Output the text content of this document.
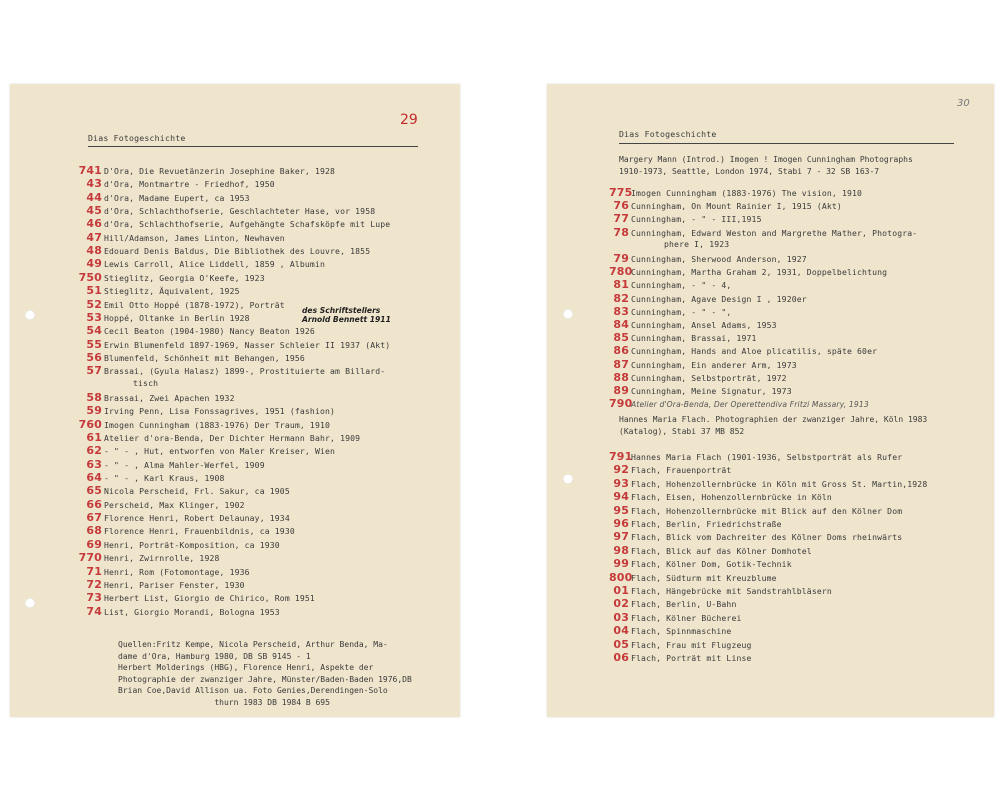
29
Dias Fotogeschichte
741 D'Ora, Die Revuetänzerin Josephine Baker, 1928
43 d'Ora, Montmartre - Friedhof, 1950
44 d'Ora, Madame Eupert, ca 1953
45 d'Ora, Schlachthofserie, Geschlachteter Hase, vor 1958
46 d'Ora, Schlachthofserie, Aufgehängte Schafsköpfe mit Lupe
47 Hill/Adamson, James Linton, Newhaven
48 Edouard Denis Baldus, Die Bibliothek des Louvre, 1855
49 Lewis Carroll, Alice Liddell, 1859 , Albumin
750 Stieglitz, Georgia O'Keefe, 1923
51 Stieglitz, Äquivalent, 1925
52 Emil Otto Hoppé (1878-1972), Porträt
53 Hoppé, Oltanke in Berlin 1928
54 Cecil Beaton (1904-1980) Nancy Beaton 1926
55 Erwin Blumenfeld 1897-1969, Nasser Schleier II 1937 (Akt)
56 Blumenfeld, Schönheit mit Behangen, 1956
57 Brassai, (Gyula Halasz) 1899-, Prostituierte am Billard-
tisch
58 Brassai, Zwei Apachen 1932
59 Irving Penn, Lisa Fonssagrives, 1951 (fashion)
760 Imogen Cunningham (1883-1976) Der Traum, 1910
61 Atelier d'ora-Benda, Der Dichter Hermann Bahr, 1909
62 - " - , Hut, entworfen von Maler Kreiser, Wien
63 - " - , Alma Mahler-Werfel, 1909
64 - " - , Karl Kraus, 1908
65 Nicola Perscheid, Frl. Sakur, ca 1905
66 Perscheid, Max Klinger, 1902
67 Florence Henri, Robert Delaunay, 1934
68 Florence Henri, Frauenbildnis, ca 1930
69 Henri, Porträt-Komposition, ca 1930
770 Henri, Zwirnrolle, 1928
71 Henri, Rom (Fotomontage, 1936
72 Henri, Pariser Fenster, 1930
73 Herbert List, Giorgio de Chirico, Rom 1951
74 List, Giorgio Morandi, Bologna 1953
des Schriftstellers
Arnold Bennett 1911
Quellen:Fritz Kempe, Nicola Perscheid, Arthur Benda, Ma-
dame d'Ora, Hamburg 1980, DB SB 9145 - 1
Herbert Molderings (HBG), Florence Henri, Aspekte der
Photographie der zwanziger Jahre, Münster/Baden-Baden 1976,DB
Brian Coe,David Allison ua. Foto Genies,Derendingen-Solo
thurn 1983 DB 1984 B 695
30
Dias Fotogeschichte
Margery Mann (Introd.) Imogen ! Imogen Cunningham Photographs
1910-1973, Seattle, London 1974, Stabi 7 - 32 SB 163-7
775Imogen Cunningham (1883-1976) The vision, 1910
76 Cunningham, On Mount Rainier I, 1915 (Akt)
77 Cunningham, - " - III,1915
78 Cunningham, Edward Weston and Margrethe Mather, Photogra-
phere I, 1923
79 Cunningham, Sherwood Anderson, 1927
780Cunningham, Martha Graham 2, 1931, Doppelbelichtung
81 Cunningham, - " - 4,
82 Cunningham, Agave Design I , 1920er
83 Cunningham, - " - ",
84 Cunningham, Ansel Adams, 1953
85 Cunningham, Brassai, 1971
86 Cunningham, Hands and Aloe plicatilis, späte 60er
87 Cunningham, Ein anderer Arm, 1973
88 Cunningham, Selbstporträt, 1972
89 Cunningham, Meine Signatur, 1973
790Atelier d'Ora-Benda, Der Operettendiva Fritzi Massary, 1913
Hannes Maria Flach. Photographien der zwanziger Jahre, Köln 1983
(Katalog), Stabi 37 MB 852
791Hannes Maria Flach (1901-1936, Selbstporträt als Rufer
92 Flach, Frauenporträt
93 Flach, Hohenzollernbrücke in Köln mit Gross St. Martin,1928
94 Flach, Eisen, Hohenzollernbrücke in Köln
95 Flach, Hohenzollernbrücke mit Blick auf den Kölner Dom
96 Flach, Berlin, Friedrichstraße
97 Flach, Blick vom Dachreiter des Kölner Doms rheinwärts
98 Flach, Blick auf das Kölner Domhotel
99 Flach, Kölner Dom, Gotik-Technik
800Flach, Südturm mit Kreuzblume
01 Flach, Hängebrücke mit Sandstrahlbläsern
02 Flach, Berlin, U-Bahn
03 Flach, Kölner Bücherei
04 Flach, Spinnmaschine
05 Flach, Frau mit Flugzeug
06 Flach, Porträt mit Linse
